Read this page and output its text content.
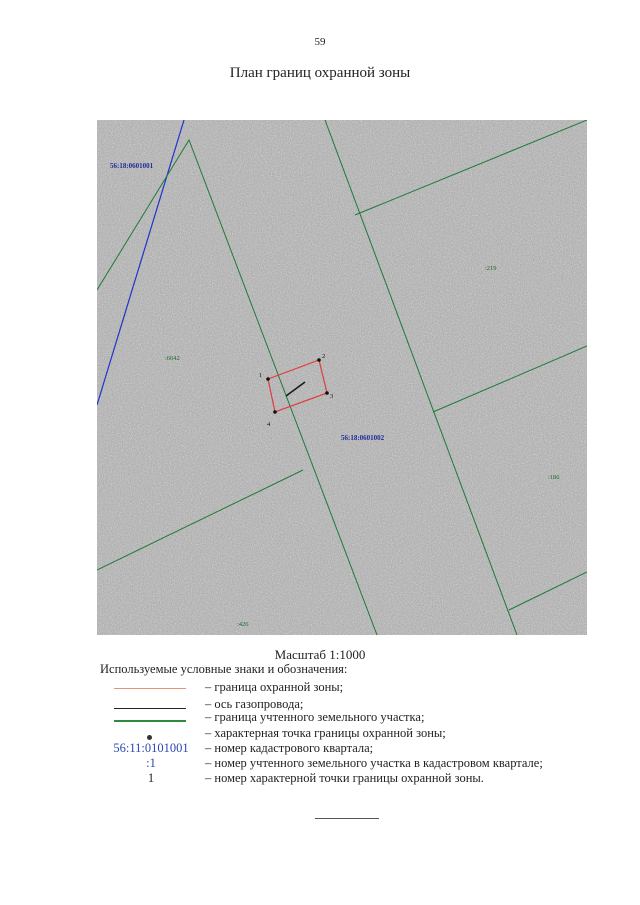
59
План границ охранной зоны
1
2
3
4
56:18:0601001
56:18:0601002
:219
:6642
:186
:426
Масштаб 1:1000
Используемые условные знаки и обозначения:
– граница охранной зоны;
– ось газопровода;
– граница учтенного земельного участка;
– характерная точка границы охранной зоны;
56:11:0101001 – номер кадастрового квартала;
:1	– номер учтенного земельного участка в кадастровом квартале;
1	– номер характерной точки границы охранной зоны.
